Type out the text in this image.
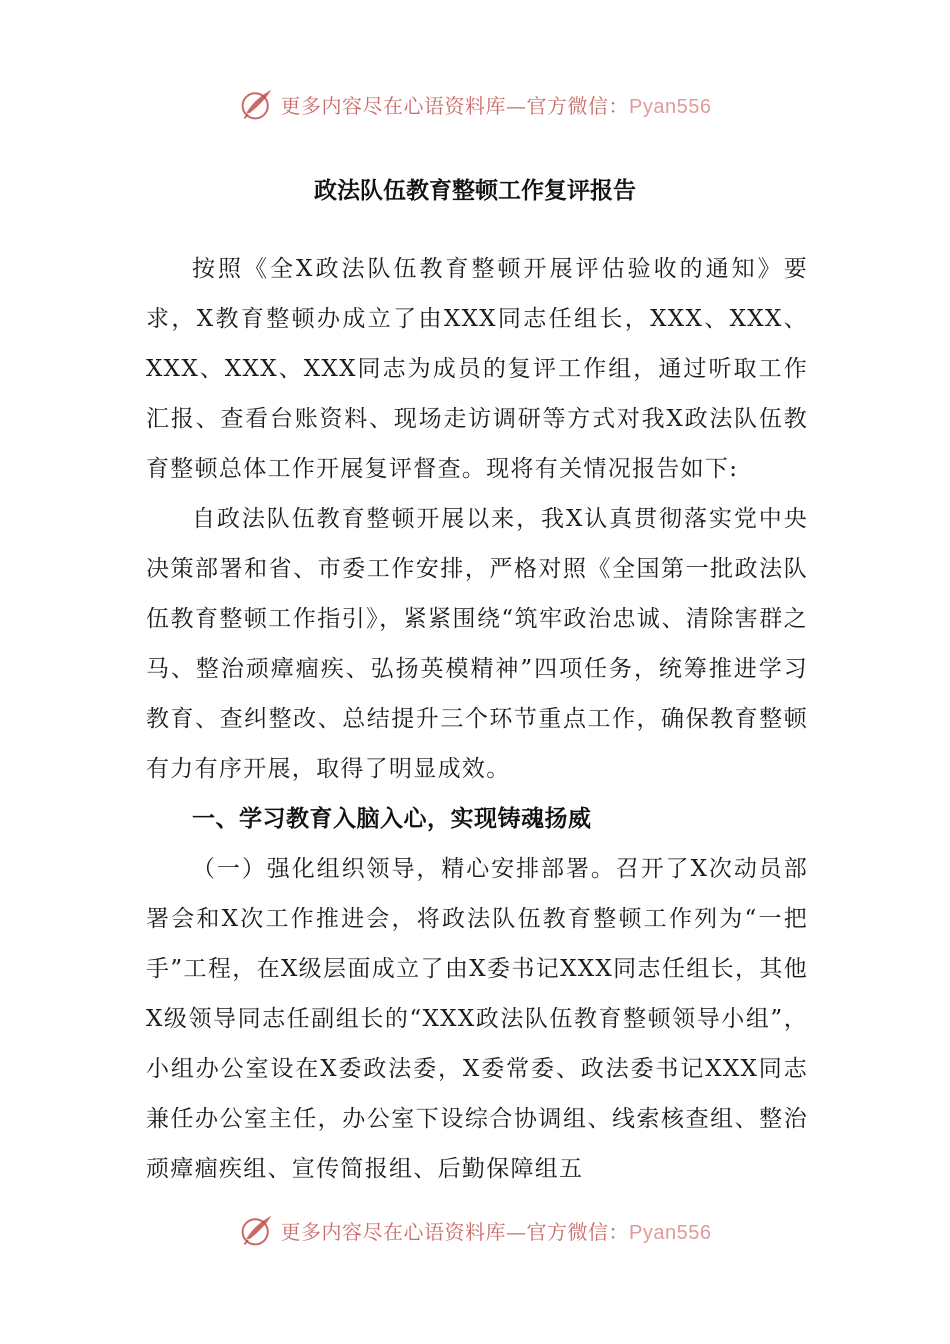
更多内容尽在心语资料库—官方微信：Pyan556
政法队伍教育整顿工作复评报告

按照《全X政法队伍教育整顿开展评估验收的通知》要求，X教育整顿办成立了由XXX同志任组长，XXX、XXX、XXX、XXX、XXX同志为成员的复评工作组，通过听取工作汇报、查看台账资料、现场走访调研等方式对我X政法队伍教育整顿总体工作开展复评督查。现将有关情况报告如下:

自政法队伍教育整顿开展以来，我X认真贯彻落实党中央决策部署和省、市委工作安排，严格对照《全国第一批政法队伍教育整顿工作指引》，紧紧围绕“筑牢政治忠诚、清除害群之马、整治顽瘴痼疾、弘扬英模精神”四项任务，统筹推进学习教育、查纠整改、总结提升三个环节重点工作，确保教育整顿有力有序开展，取得了明显成效。

一、学习教育入脑入心，实现铸魂扬威

（一）强化组织领导，精心安排部署。召开了X次动员部署会和X次工作推进会，将政法队伍教育整顿工作列为“一把手”工程，在X级层面成立了由X委书记XXX同志任组长，其他X级领导同志任副组长的“XXX政法队伍教育整顿领导小组”，小组办公室设在X委政法委，X委常委、政法委书记XXX同志兼任办公室主任，办公室下设综合协调组、线索核查组、整治顽瘴痼疾组、宣传简报组、后勤保障组五

更多内容尽在心语资料库—官方微信：Pyan556
